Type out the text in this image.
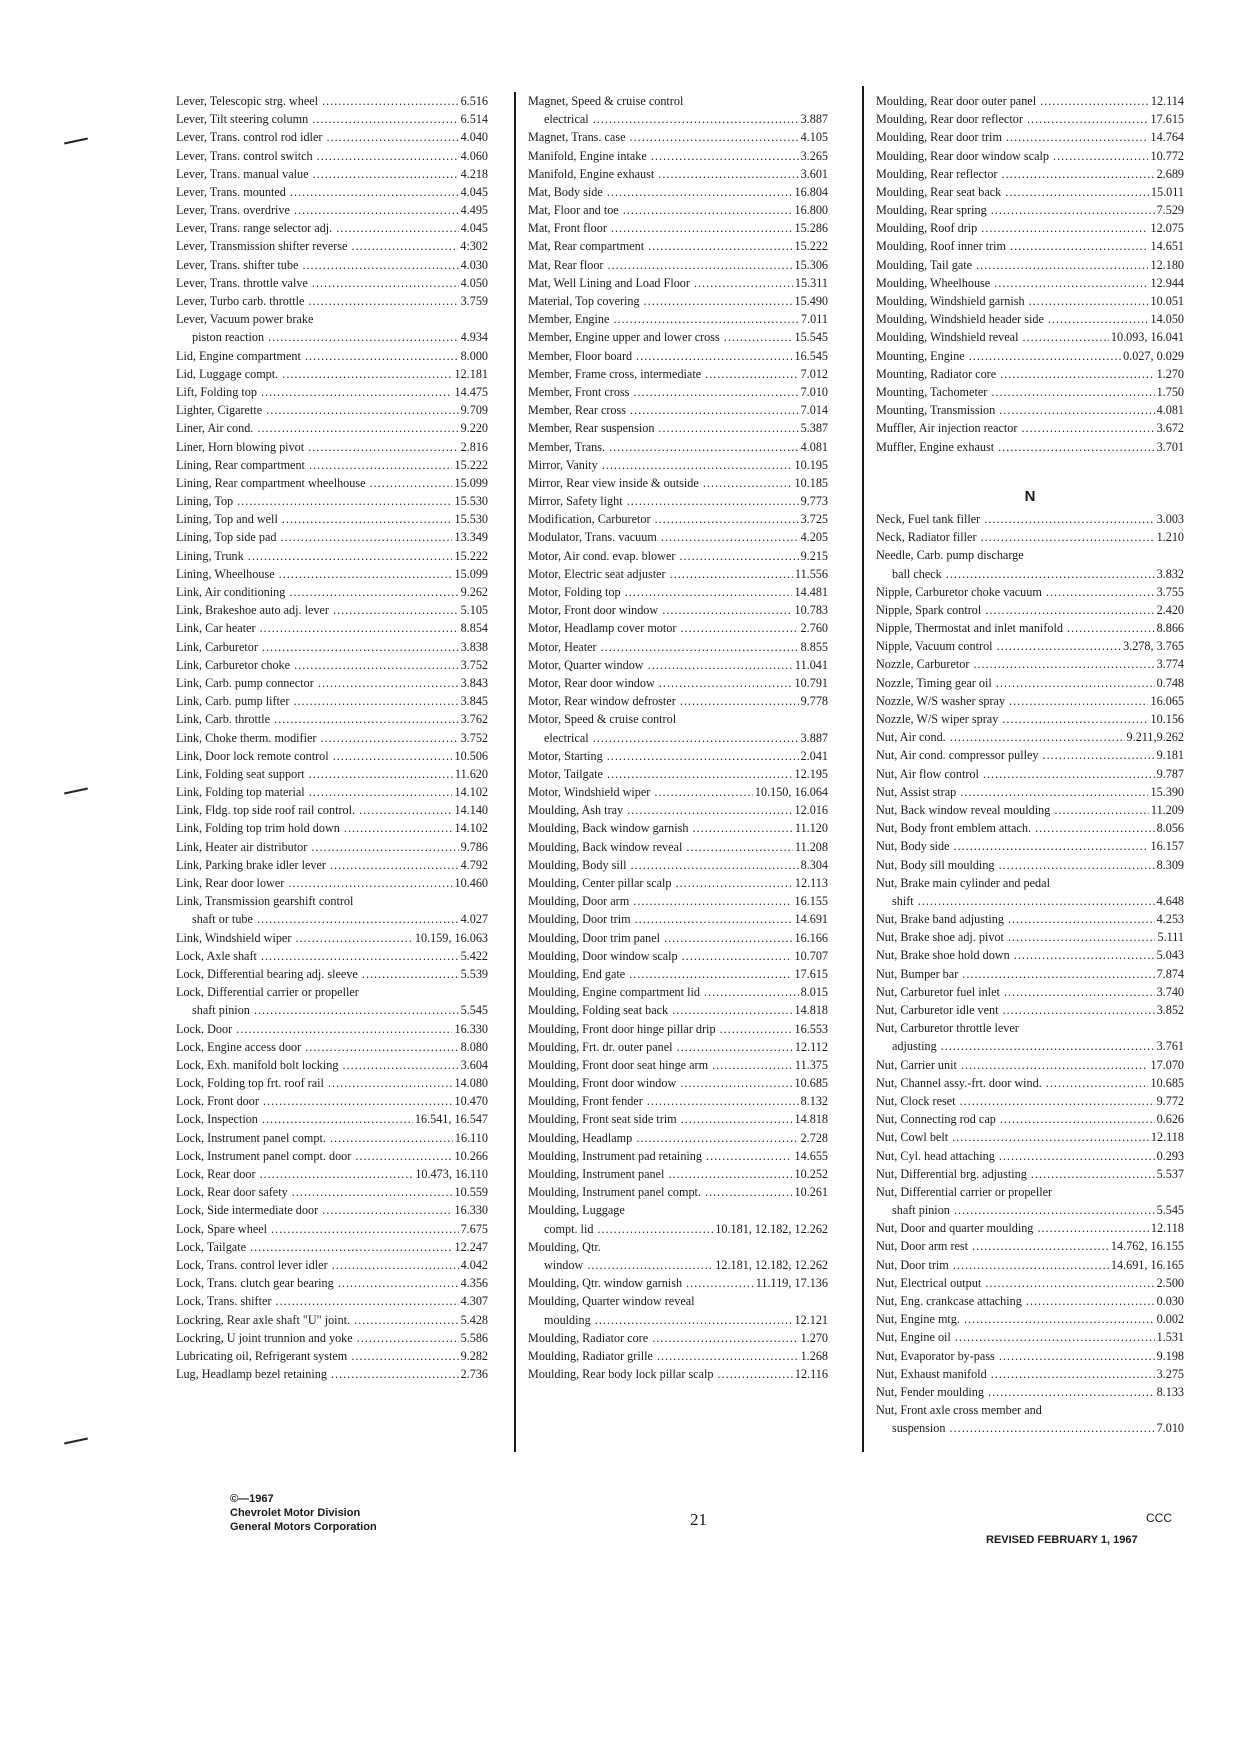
Lever, Telescopic strg. wheel .....	6.516
Lever, Tilt steering column .....	6.514
Lever, Trans. control rod idler .....	4.040
Lever, Trans. control switch .....	4.060
Lever, Trans. manual value .....	4.218
Lever, Trans. mounted .....	4.045
Lever, Trans. overdrive .....	4.495
Lever, Trans. range selector adj. .....	4.045
Lever, Transmission shifter reverse .....	4:302
Lever, Trans. shifter tube .....	4.030
Lever, Trans. throttle valve .....	4.050
Lever, Turbo carb. throttle .....	3.759
Lever, Vacuum power brake
piston reaction .....	4.934
Lid, Engine compartment .....	8.000
Lid, Luggage compt. .....	12.181
Lift, Folding top .....	14.475
Lighter, Cigarette .....	9.709
Liner, Air cond. .....	9.220
Liner, Horn blowing pivot .....	2.816
Lining, Rear compartment .....	15.222
Lining, Rear compartment wheelhouse .....	15.099
Lining, Top .....	15.530
Lining, Top and well .....	15.530
Lining, Top side pad .....	13.349
Lining, Trunk .....	15.222
Lining, Wheelhouse .....	15.099
Link, Air conditioning .....	9.262
Link, Brakeshoe auto adj. lever .....	5.105
Link, Car heater .....	8.854
Link, Carburetor .....	3.838
Link, Carburetor choke .....	3.752
Link, Carb. pump connector .....	3.843
Link, Carb. pump lifter .....	3.845
Link, Carb. throttle .....	3.762
Link, Choke therm. modifier .....	3.752
Link, Door lock remote control .....	10.506
Link, Folding seat support .....	11.620
Link, Folding top material .....	14.102
Link, Fldg. top side roof rail control. .....	14.140
Link, Folding top trim hold down .....	14.102
Link, Heater air distributor .....	9.786
Link, Parking brake idler lever .....	4.792
Link, Rear door lower .....	10.460
Link, Transmission gearshift control
shaft or tube .....	4.027
Link, Windshield wiper .....	10.159, 16.063
Lock, Axle shaft .....	5.422
Lock, Differential bearing adj. sleeve .....	5.539
Lock, Differential carrier or propeller
shaft pinion .....	5.545
Lock, Door .....	16.330
Lock, Engine access door .....	8.080
Lock, Exh. manifold bolt locking .....	3.604
Lock, Folding top frt. roof rail .....	14.080
Lock, Front door .....	10.470
Lock, Inspection .....	16.541, 16.547
Lock, Instrument panel compt. .....	16.110
Lock, Instrument panel compt. door .....	10.266
Lock, Rear door .....	10.473, 16.110
Lock, Rear door safety .....	10.559
Lock, Side intermediate door .....	16.330
Lock, Spare wheel .....	7.675
Lock, Tailgate .....	12.247
Lock, Trans. control lever idler .....	4.042
Lock, Trans. clutch gear bearing .....	4.356
Lock, Trans. shifter .....	4.307
Lockring, Rear axle shaft "U" joint. .....	5.428
Lockring, U joint trunnion and yoke .....	5.586
Lubricating oil, Refrigerant system .....	9.282
Lug, Headlamp bezel retaining .....	2.736
Magnet, Speed & cruise control
electrical .....	3.887
Magnet, Trans. case .....	4.105
Manifold, Engine intake .....	3.265
Manifold, Engine exhaust .....	3.601
Mat, Body side .....	16.804
Mat, Floor and toe .....	16.800
Mat, Front floor .....	15.286
Mat, Rear compartment .....	15.222
Mat, Rear floor .....	15.306
Mat, Well Lining and Load Floor .....	15.311
Material, Top covering .....	15.490
Member, Engine .....	7.011
Member, Engine upper and lower cross .....	15.545
Member, Floor board .....	16.545
Member, Frame cross, intermediate .....	7.012
Member, Front cross .....	7.010
Member, Rear cross .....	7.014
Member, Rear suspension .....	5.387
Member, Trans. .....	4.081
Mirror, Vanity .....	10.195
Mirror, Rear view inside & outside .....	10.185
Mirror, Safety light .....	9.773
Modification, Carburetor .....	3.725
Modulator, Trans. vacuum .....	4.205
Motor, Air cond. evap. blower .....	9.215
Motor, Electric seat adjuster .....	11.556
Motor, Folding top .....	14.481
Motor, Front door window .....	10.783
Motor, Headlamp cover motor .....	2.760
Motor, Heater .....	8.855
Motor, Quarter window .....	11.041
Motor, Rear door window .....	10.791
Motor, Rear window defroster .....	9.778
Motor, Speed & cruise control
electrical .....	3.887
Motor, Starting .....	2.041
Motor, Tailgate .....	12.195
Motor, Windshield wiper .....	10.150, 16.064
Moulding, Ash tray .....	12.016
Moulding, Back window garnish .....	11.120
Moulding, Back window reveal .....	11.208
Moulding, Body sill .....	8.304
Moulding, Center pillar scalp .....	12.113
Moulding, Door arm .....	16.155
Moulding, Door trim .....	14.691
Moulding, Door trim panel .....	16.166
Moulding, Door window scalp .....	10.707
Moulding, End gate .....	17.615
Moulding, Engine compartment lid .....	8.015
Moulding, Folding seat back .....	14.818
Moulding, Front door hinge pillar drip .....	16.553
Moulding, Frt. dr. outer panel .....	12.112
Moulding, Front door seat hinge arm .....	11.375
Moulding, Front door window .....	10.685
Moulding, Front fender .....	8.132
Moulding, Front seat side trim .....	14.818
Moulding, Headlamp .....	2.728
Moulding, Instrument pad retaining .....	14.655
Moulding, Instrument panel .....	10.252
Moulding, Instrument panel compt. .....	10.261
Moulding, Luggage
compt. lid .....	10.181, 12.182, 12.262
Moulding, Qtr.
window .....	12.181, 12.182, 12.262
Moulding, Qtr. window garnish .....	11.119, 17.136
Moulding, Quarter window reveal
moulding .....	12.121
Moulding, Radiator core .....	1.270
Moulding, Radiator grille .....	1.268
Moulding, Rear body lock pillar scalp .....	12.116
Moulding, Rear door outer panel .....	12.114
Moulding, Rear door reflector .....	17.615
Moulding, Rear door trim .....	14.764
Moulding, Rear door window scalp .....	10.772
Moulding, Rear reflector .....	2.689
Moulding, Rear seat back .....	15.011
Moulding, Rear spring .....	7.529
Moulding, Roof drip .....	12.075
Moulding, Roof inner trim .....	14.651
Moulding, Tail gate .....	12.180
Moulding, Wheelhouse .....	12.944
Moulding, Windshield garnish .....	10.051
Moulding, Windshield header side .....	14.050
Moulding, Windshield reveal .....	10.093, 16.041
Mounting, Engine .....	0.027, 0.029
Mounting, Radiator core .....	1.270
Mounting, Tachometer .....	1.750
Mounting, Transmission .....	4.081
Muffler, Air injection reactor .....	3.672
Muffler, Engine exhaust .....	3.701
Neck, Fuel tank filler .....	3.003
Neck, Radiator filler .....	1.210
Needle, Carb. pump discharge
ball check .....	3.832
Nipple, Carburetor choke vacuum .....	3.755
Nipple, Spark control .....	2.420
Nipple, Thermostat and inlet manifold .....	8.866
Nipple, Vacuum control .....	3.278, 3.765
Nozzle, Carburetor .....	3.774
Nozzle, Timing gear oil .....	0.748
Nozzle, W/S washer spray .....	16.065
Nozzle, W/S wiper spray .....	10.156
Nut, Air cond. .....	9.211,9.262
Nut, Air cond. compressor pulley .....	9.181
Nut, Air flow control .....	9.787
Nut, Assist strap .....	15.390
Nut, Back window reveal moulding .....	11.209
Nut, Body front emblem attach. .....	8.056
Nut, Body side .....	16.157
Nut, Body sill moulding .....	8.309
Nut, Brake main cylinder and pedal
shift .....	4.648
Nut, Brake band adjusting .....	4.253
Nut, Brake shoe adj. pivot .....	5.111
Nut, Brake shoe hold down .....	5.043
Nut, Bumper bar .....	7.874
Nut, Carburetor fuel inlet .....	3.740
Nut, Carburetor idle vent .....	3.852
Nut, Carburetor throttle lever
adjusting .....	3.761
Nut, Carrier unit .....	17.070
Nut, Channel assy.-frt. door wind. .....	10.685
Nut, Clock reset .....	9.772
Nut, Connecting rod cap .....	0.626
Nut, Cowl belt .....	12.118
Nut, Cyl. head attaching .....	0.293
Nut, Differential brg. adjusting .....	5.537
Nut, Differential carrier or propeller
shaft pinion .....	5.545
Nut, Door and quarter moulding .....	12.118
Nut, Door arm rest .....	14.762, 16.155
Nut, Door trim .....	14.691, 16.165
Nut, Electrical output .....	2.500
Nut, Eng. crankcase attaching .....	0.030
Nut, Engine mtg. .....	0.002
Nut, Engine oil .....	1.531
Nut, Evaporator by-pass .....	9.198
Nut, Exhaust manifold .....	3.275
Nut, Fender moulding .....	8.133
Nut, Front axle cross member and
suspension .....	7.010
N
©—1967
Chevrolet Motor Division
General Motors Corporation	21	CCC
REVISED FEBRUARY 1, 1967
